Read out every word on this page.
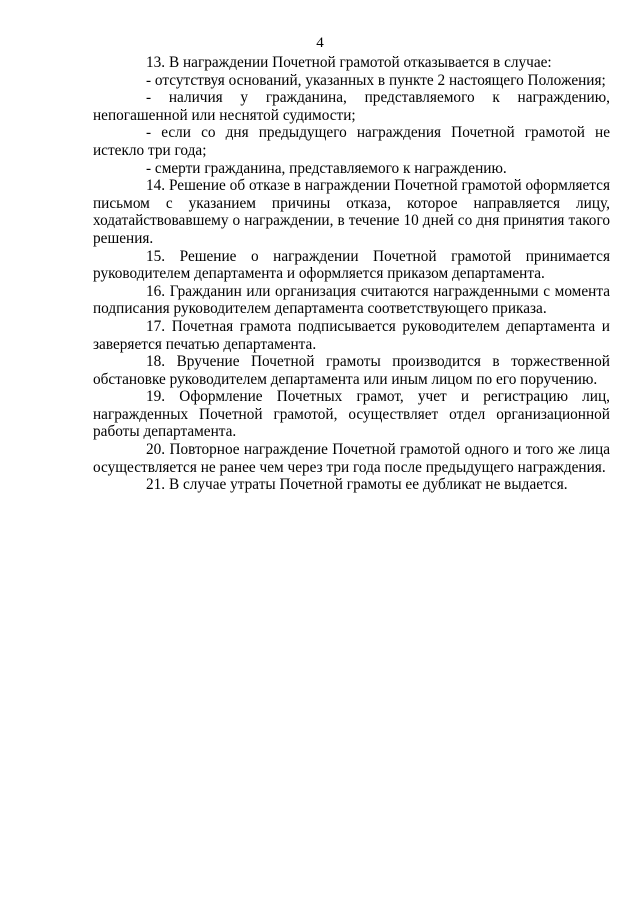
4

13. В награждении Почетной грамотой отказывается в случае:

- отсутствуя оснований, указанных в пункте 2 настоящего Положения;

- наличия у гражданина, представляемого к награждению, непогашенной или неснятой судимости;

- если со дня предыдущего награждения Почетной грамотой не истекло три года;

- смерти гражданина, представляемого к награждению.

14. Решение об отказе в награждении Почетной грамотой оформляется письмом с указанием причины отказа, которое направляется лицу, ходатайствовавшему о награждении, в течение 10 дней со дня принятия такого решения.

15. Решение о награждении Почетной грамотой принимается руководителем департамента и оформляется приказом департамента.

16. Гражданин или организация считаются награжденными с момента подписания руководителем департамента соответствующего приказа.

17. Почетная грамота подписывается руководителем департамента и заверяется печатью департамента.

18. Вручение Почетной грамоты производится в торжественной обстановке руководителем департамента или иным лицом по его поручению.

19. Оформление Почетных грамот, учет и регистрацию лиц, награжденных Почетной грамотой, осуществляет отдел организационной работы департамента.

20. Повторное награждение Почетной грамотой одного и того же лица осуществляется не ранее чем через три года после предыдущего награждения.

21. В случае утраты Почетной грамоты ее дубликат не выдается.
